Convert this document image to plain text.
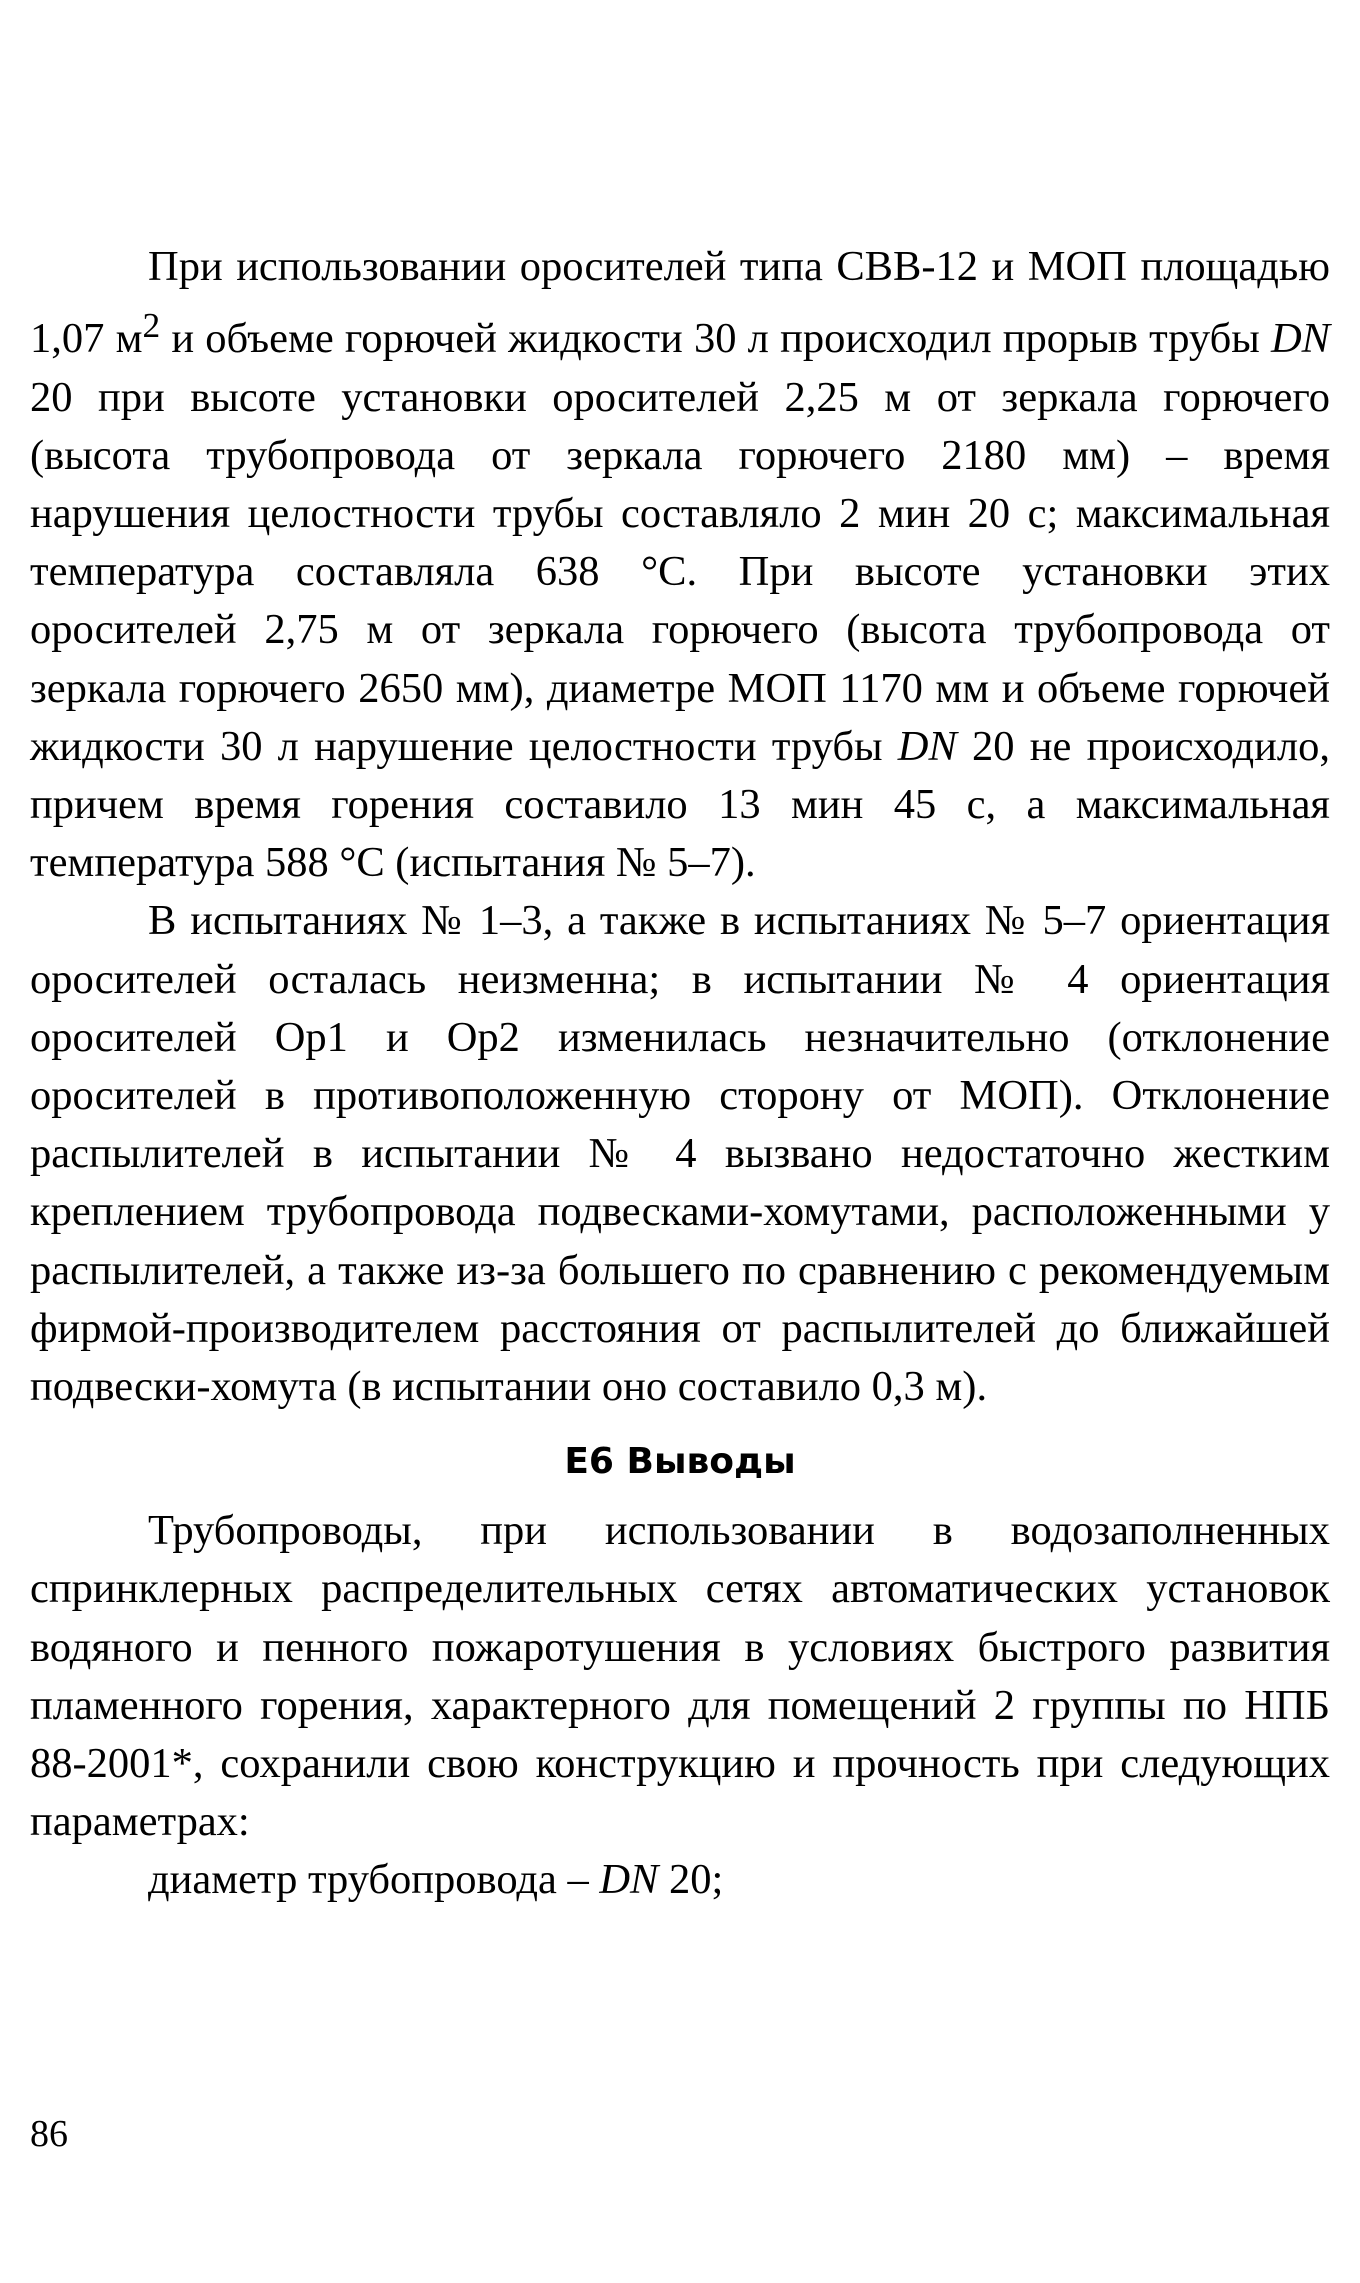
При использовании оросителей типа СВВ-12 и МОП площадью 1,07 $м^2$ и объеме горючей жидкости 30 л происходил прорыв трубы DN 20 при высоте установки оросителей 2,25 м от зеркала горючего (высота трубопровода от зеркала горючего 2180 мм) – время нарушения целостности трубы составляло 2 мин 20 с; максимальная температура составляла 638 °С. При высоте установки этих оросителей 2,75 м от зеркала горючего (высота трубопровода от зеркала горючего 2650 мм), диаметре МОП 1170 мм и объеме горючей жидкости 30 л нарушение целостности трубы DN 20 не происходило, причем время горения составило 13 мин 45 с, а максимальная температура 588 °С (испытания № 5–7).

В испытаниях № 1–3, а также в испытаниях № 5–7 ориентация оросителей осталась неизменна; в испытании № 4 ориентация оросителей Ор1 и Ор2 изменилась незначительно (отклонение оросителей в противоположенную сторону от МОП). Отклонение распылителей в испытании № 4 вызвано недостаточно жестким креплением трубопровода подвесками-хомутами, расположенными у распылителей, а также из-за большего по сравнению с рекомендуемым фирмой-производителем расстояния от распылителей до ближайшей подвески-хомута (в испытании оно составило 0,3 м).

Е6 Выводы

Трубопроводы, при использовании в водозаполненных спринклерных распределительных сетях автоматических установок водяного и пенного пожаротушения в условиях быстрого развития пламенного горения, характерного для помещений 2 группы по НПБ 88-2001*, сохранили свою конструкцию и прочность при следующих параметрах:

диаметр трубопровода – DN 20;

86
